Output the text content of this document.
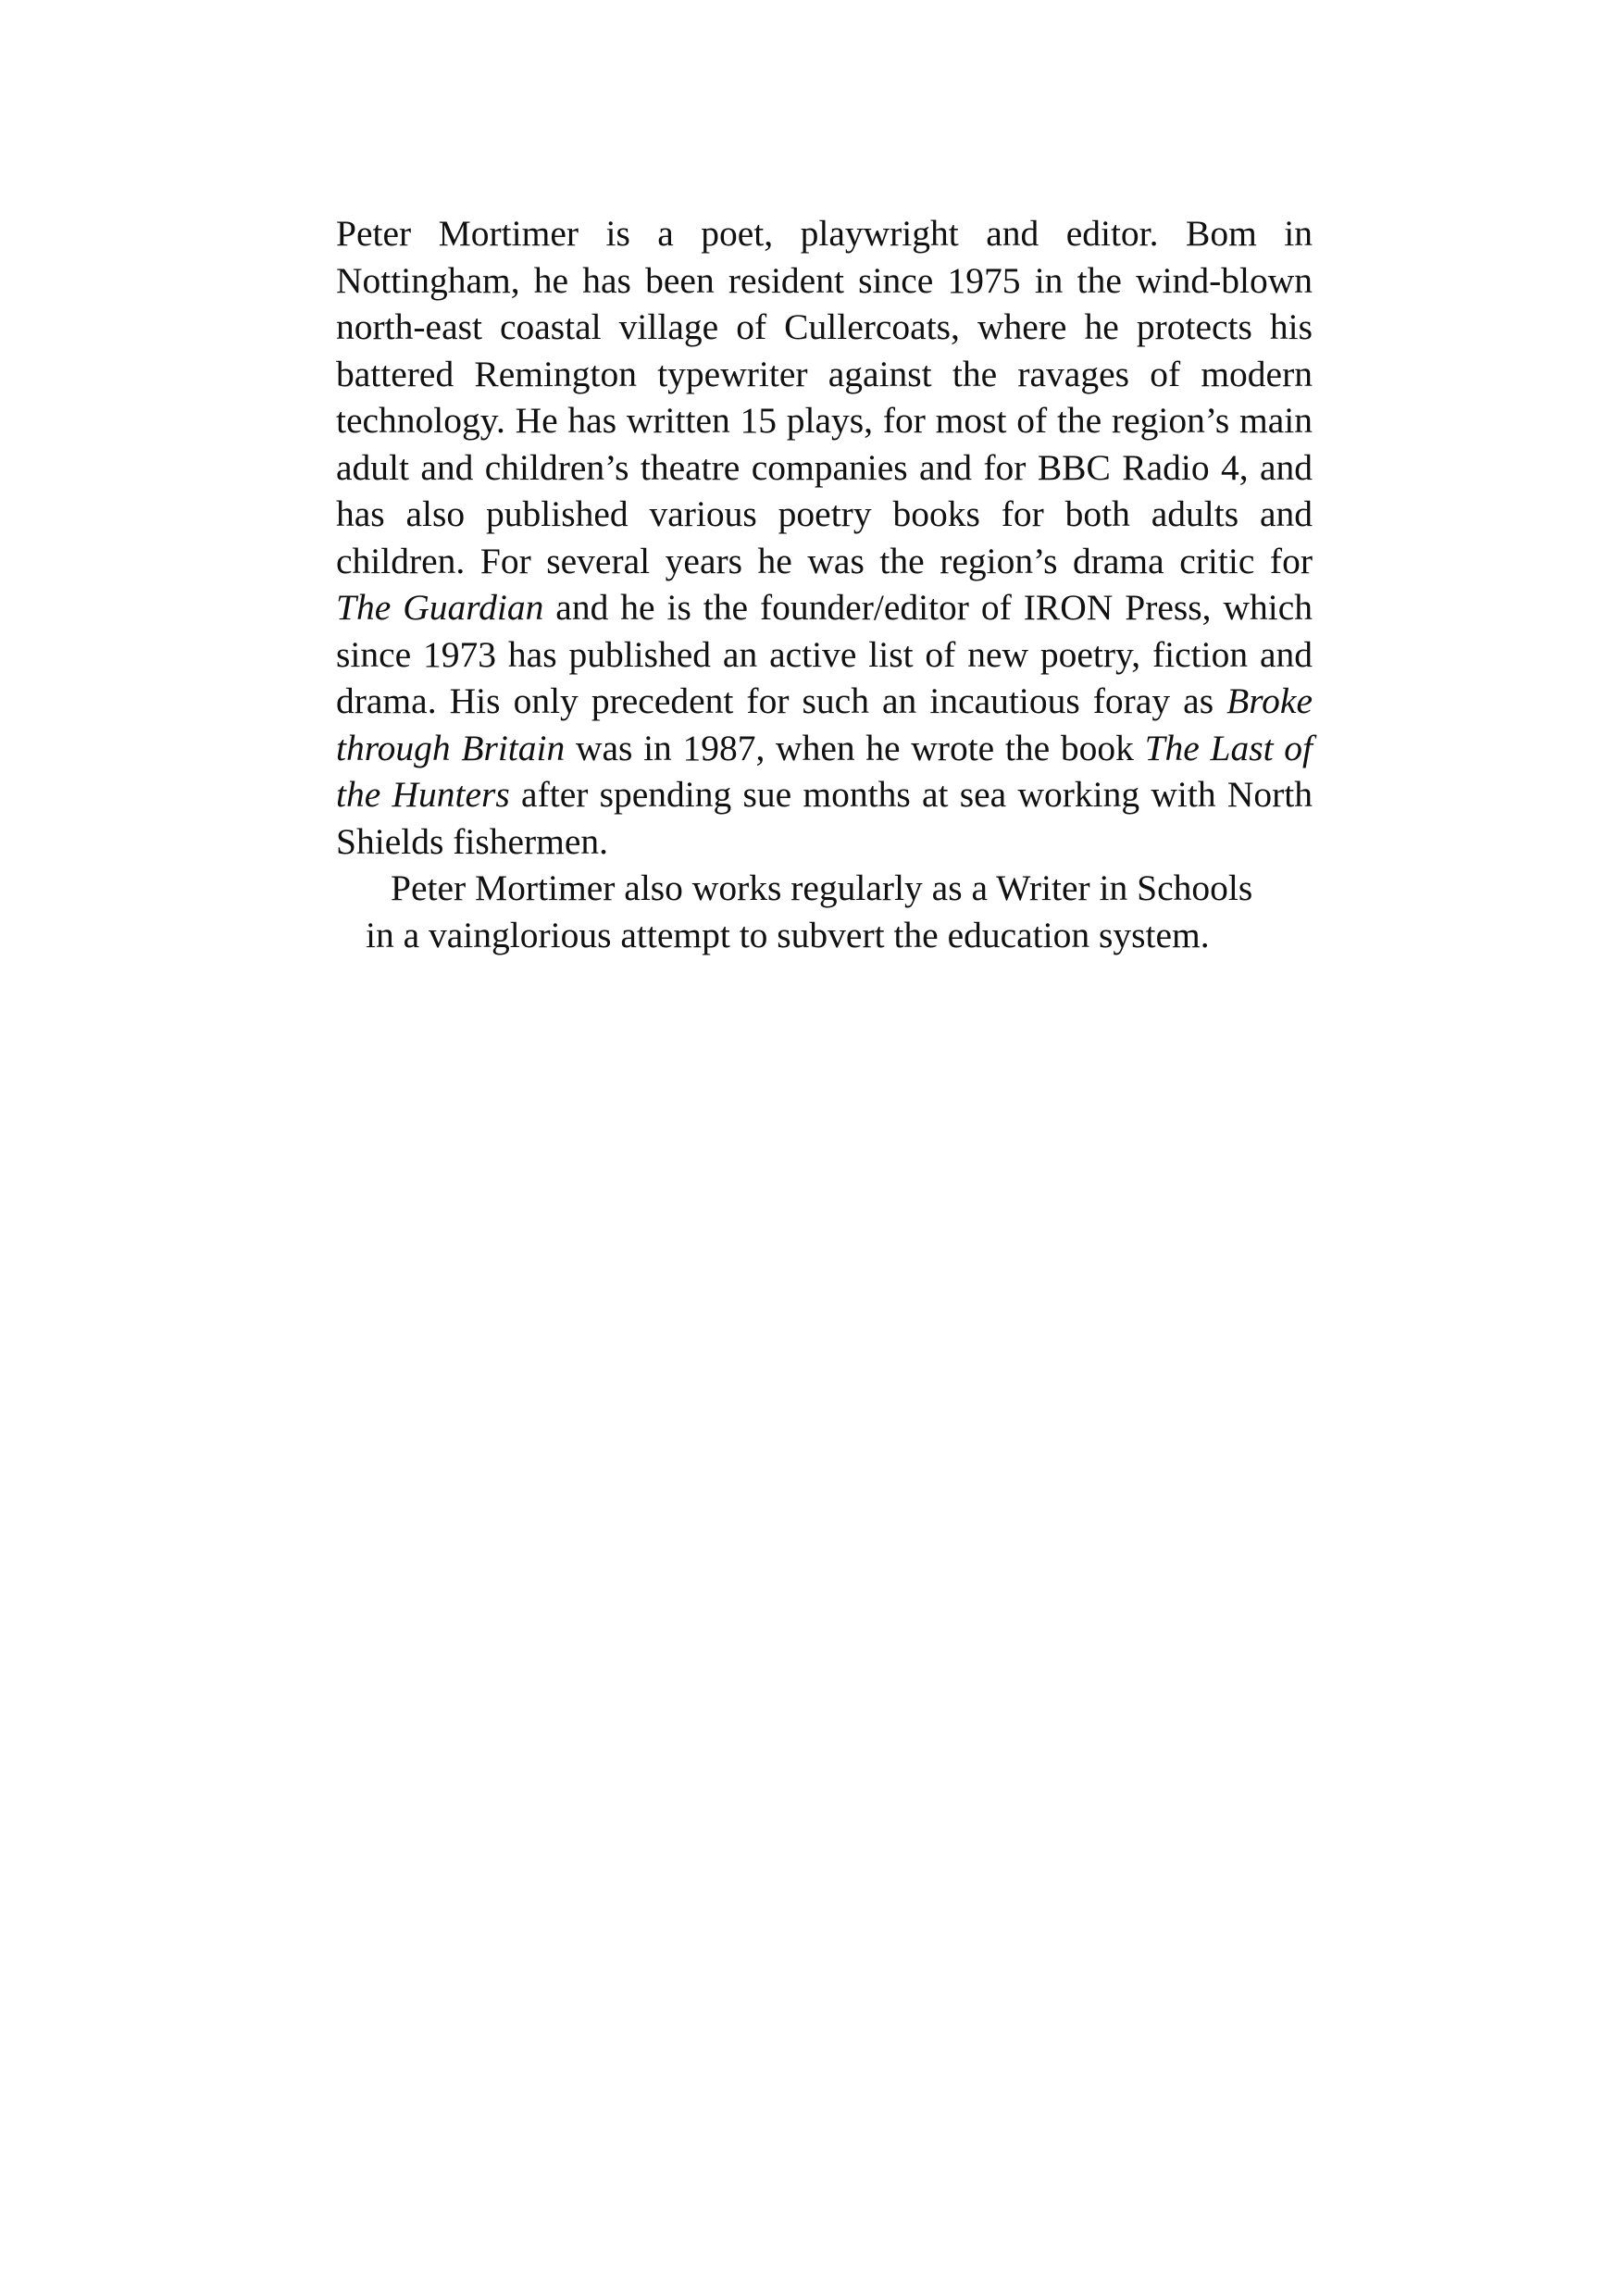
Peter Mortimer is a poet, playwright and editor. Bom in Nottingham, he has been resident since 1975 in the wind-blown north-east coastal village of Cullercoats, where he protects his battered Remington typewriter against the ravages of modern technology. He has written 15 plays, for most of the region’s main adult and children’s theatre companies and for BBC Radio 4, and has also published various poetry books for both adults and children. For several years he was the region’s drama critic for The Guardian and he is the founder/editor of IRON Press, which since 1973 has published an active list of new poetry, fiction and drama. His only precedent for such an incautious foray as Broke through Britain was in 1987, when he wrote the book The Last of the Hunters after spending sue months at sea working with North Shields fishermen.

Peter Mortimer also works regularly as a Writer in Schools
in a vainglorious attempt to subvert the education system.
